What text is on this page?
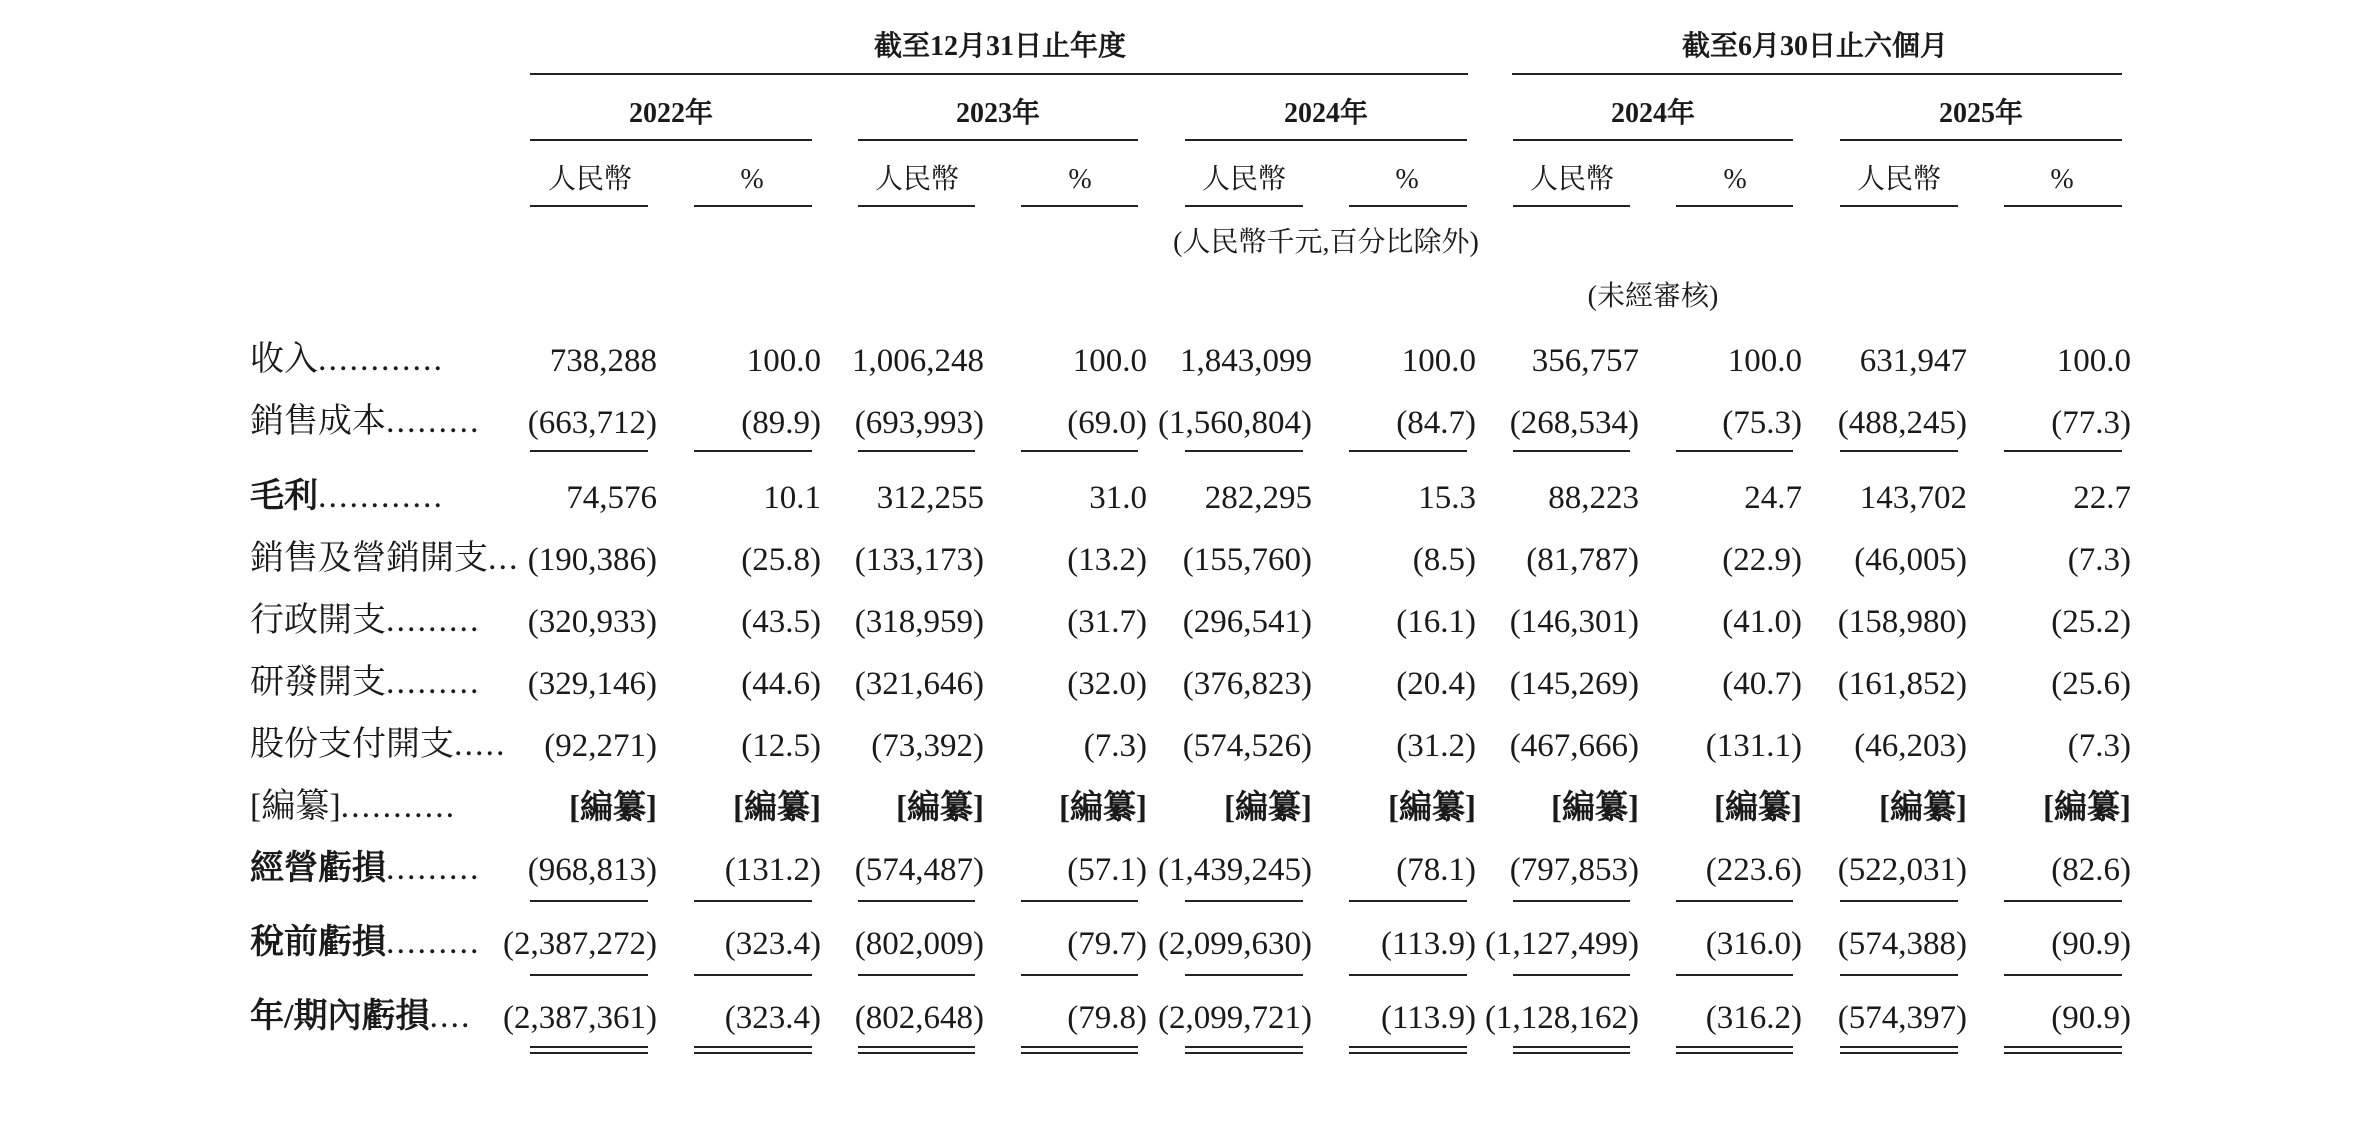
截至12月31日止年度	截至6月30日止六個月
2022年	2023年	2024年	2024年	2025年
人民幣	%	人民幣	%	人民幣	%	人民幣	%	人民幣	%
(人民幣千元,百分比除外)
(未經審核)
收入............	738,288	100.0 1,006,248	100.0 1,843,099	100.0 356,757	100.0 631,947	100.0
銷售成本......... (663,712)	(89.9) (693,993)	(69.0) (1,560,804)	(84.7) (268,534)	(75.3) (488,245)	(77.3)
毛利............	74,576	10.1 312,255	31.0 282,295	15.3 88,223	24.7 143,702	22.7
銷售及營銷開支... (190,386)	(25.8) (133,173)	(13.2) (155,760)	(8.5) (81,787)	(22.9) (46,005)	(7.3)
行政開支......... (320,933)	(43.5) (318,959)	(31.7) (296,541)	(16.1) (146,301)	(41.0) (158,980)	(25.2)
研發開支......... (329,146)	(44.6) (321,646)	(32.0) (376,823)	(20.4) (145,269)	(40.7) (161,852)	(25.6)
股份支付開支..... (92,271)	(12.5) (73,392)	(7.3) (574,526)	(31.2) (467,666) (131.1) (46,203)	(7.3)
[編纂]...........	[編纂] [編纂] [編纂] [編纂] [編纂] [編纂] [編纂] [編纂] [編纂] [編纂]
經營虧損......... (968,813) (131.2) (574,487)	(57.1) (1,439,245)	(78.1) (797,853) (223.6) (522,031)	(82.6)
稅前虧損......... (2,387,272) (323.4) (802,009)	(79.7) (2,099,630) (113.9) (1,127,499) (316.0) (574,388)	(90.9)
年/期內虧損.... (2,387,361) (323.4) (802,648)	(79.8) (2,099,721) (113.9) (1,128,162) (316.2) (574,397)	(90.9)
